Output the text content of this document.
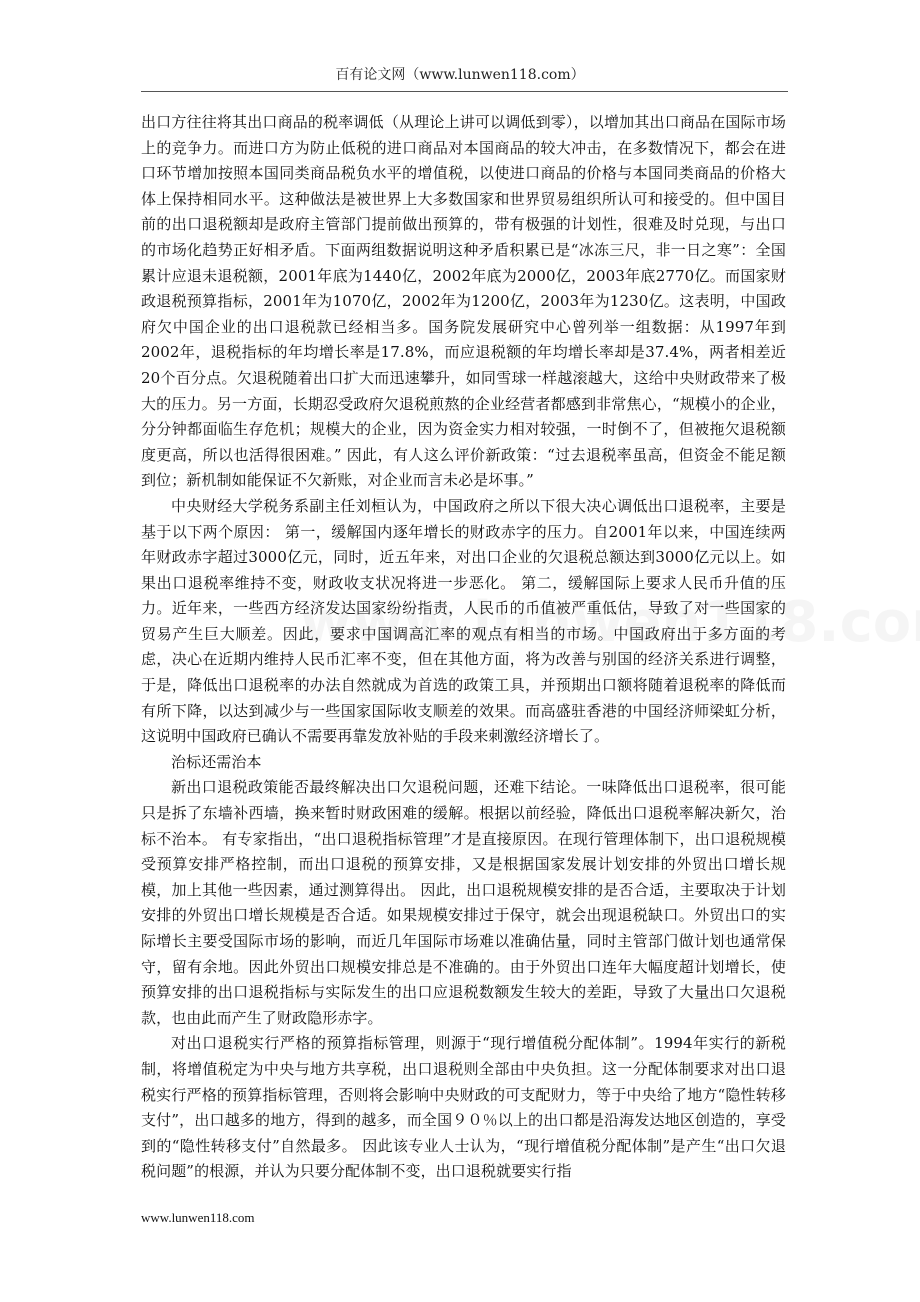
百有论文网（www.lunwen118.com）

出口方往往将其出口商品的税率调低（从理论上讲可以调低到零），以增加其出口商品在国际市场上的竞争力。而进口方为防止低税的进口商品对本国商品的较大冲击，在多数情况下，都会在进口环节增加按照本国同类商品税负水平的增值税，以使进口商品的价格与本国同类商品的价格大体上保持相同水平。这种做法是被世界上大多数国家和世界贸易组织所认可和接受的。但中国目前的出口退税额却是政府主管部门提前做出预算的，带有极强的计划性，很难及时兑现，与出口的市场化趋势正好相矛盾。下面两组数据说明这种矛盾积累已是“冰冻三尺，非一日之寒”：全国累计应退未退税额，2001年底为1440亿，2002年底为2000亿，2003年底2770亿。而国家财政退税预算指标，2001年为1070亿，2002年为1200亿，2003年为1230亿。这表明，中国政府欠中国企业的出口退税款已经相当多。国务院发展研究中心曾列举一组数据：从1997年到2002年，退税指标的年均增长率是17.8%，而应退税额的年均增长率却是37.4%，两者相差近20个百分点。欠退税随着出口扩大而迅速攀升，如同雪球一样越滚越大，这给中央财政带来了极大的压力。另一方面，长期忍受政府欠退税煎熬的企业经营者都感到非常焦心，“规模小的企业，分分钟都面临生存危机；规模大的企业，因为资金实力相对较强，一时倒不了，但被拖欠退税额度更高，所以也活得很困难。” 因此，有人这么评价新政策：“过去退税率虽高，但资金不能足额到位；新机制如能保证不欠新账，对企业而言未必是坏事。”

中央财经大学税务系副主任刘桓认为，中国政府之所以下很大决心调低出口退税率，主要是基于以下两个原因： 第一，缓解国内逐年增长的财政赤字的压力。自2001年以来，中国连续两年财政赤字超过3000亿元，同时，近五年来，对出口企业的欠退税总额达到3000亿元以上。如果出口退税率维持不变，财政收支状况将进一步恶化。 第二，缓解国际上要求人民币升值的压力。近年来，一些西方经济发达国家纷纷指责，人民币的币值被严重低估，导致了对一些国家的贸易产生巨大顺差。因此，要求中国调高汇率的观点有相当的市场。中国政府出于多方面的考虑，决心在近期内维持人民币汇率不变，但在其他方面，将为改善与别国的经济关系进行调整，于是，降低出口退税率的办法自然就成为首选的政策工具，并预期出口额将随着退税率的降低而有所下降，以达到减少与一些国家国际收支顺差的效果。而高盛驻香港的中国经济师梁虹分析，这说明中国政府已确认不需要再靠发放补贴的手段来刺激经济增长了。

治标还需治本

新出口退税政策能否最终解决出口欠退税问题，还难下结论。一味降低出口退税率，很可能只是拆了东墙补西墙，换来暂时财政困难的缓解。根据以前经验，降低出口退税率解决新欠，治标不治本。 有专家指出，“出口退税指标管理”才是直接原因。在现行管理体制下，出口退税规模受预算安排严格控制，而出口退税的预算安排，又是根据国家发展计划安排的外贸出口增长规模，加上其他一些因素，通过测算得出。 因此，出口退税规模安排的是否合适，主要取决于计划安排的外贸出口增长规模是否合适。如果规模安排过于保守，就会出现退税缺口。外贸出口的实际增长主要受国际市场的影响，而近几年国际市场难以准确估量，同时主管部门做计划也通常保守，留有余地。因此外贸出口规模安排总是不准确的。由于外贸出口连年大幅度超计划增长，使预算安排的出口退税指标与实际发生的出口应退税数额发生较大的差距，导致了大量出口欠退税款，也由此而产生了财政隐形赤字。

对出口退税实行严格的预算指标管理，则源于“现行增值税分配体制”。1994年实行的新税制，将增值税定为中央与地方共享税，出口退税则全部由中央负担。这一分配体制要求对出口退税实行严格的预算指标管理，否则将会影响中央财政的可支配财力，等于中央给了地方“隐性转移支付”，出口越多的地方，得到的越多，而全国９０％以上的出口都是沿海发达地区创造的，享受到的“隐性转移支付”自然最多。 因此该专业人士认为，“现行增值税分配体制”是产生“出口欠退税问题”的根源，并认为只要分配体制不变，出口退税就要实行指

www.lunwen118.com
